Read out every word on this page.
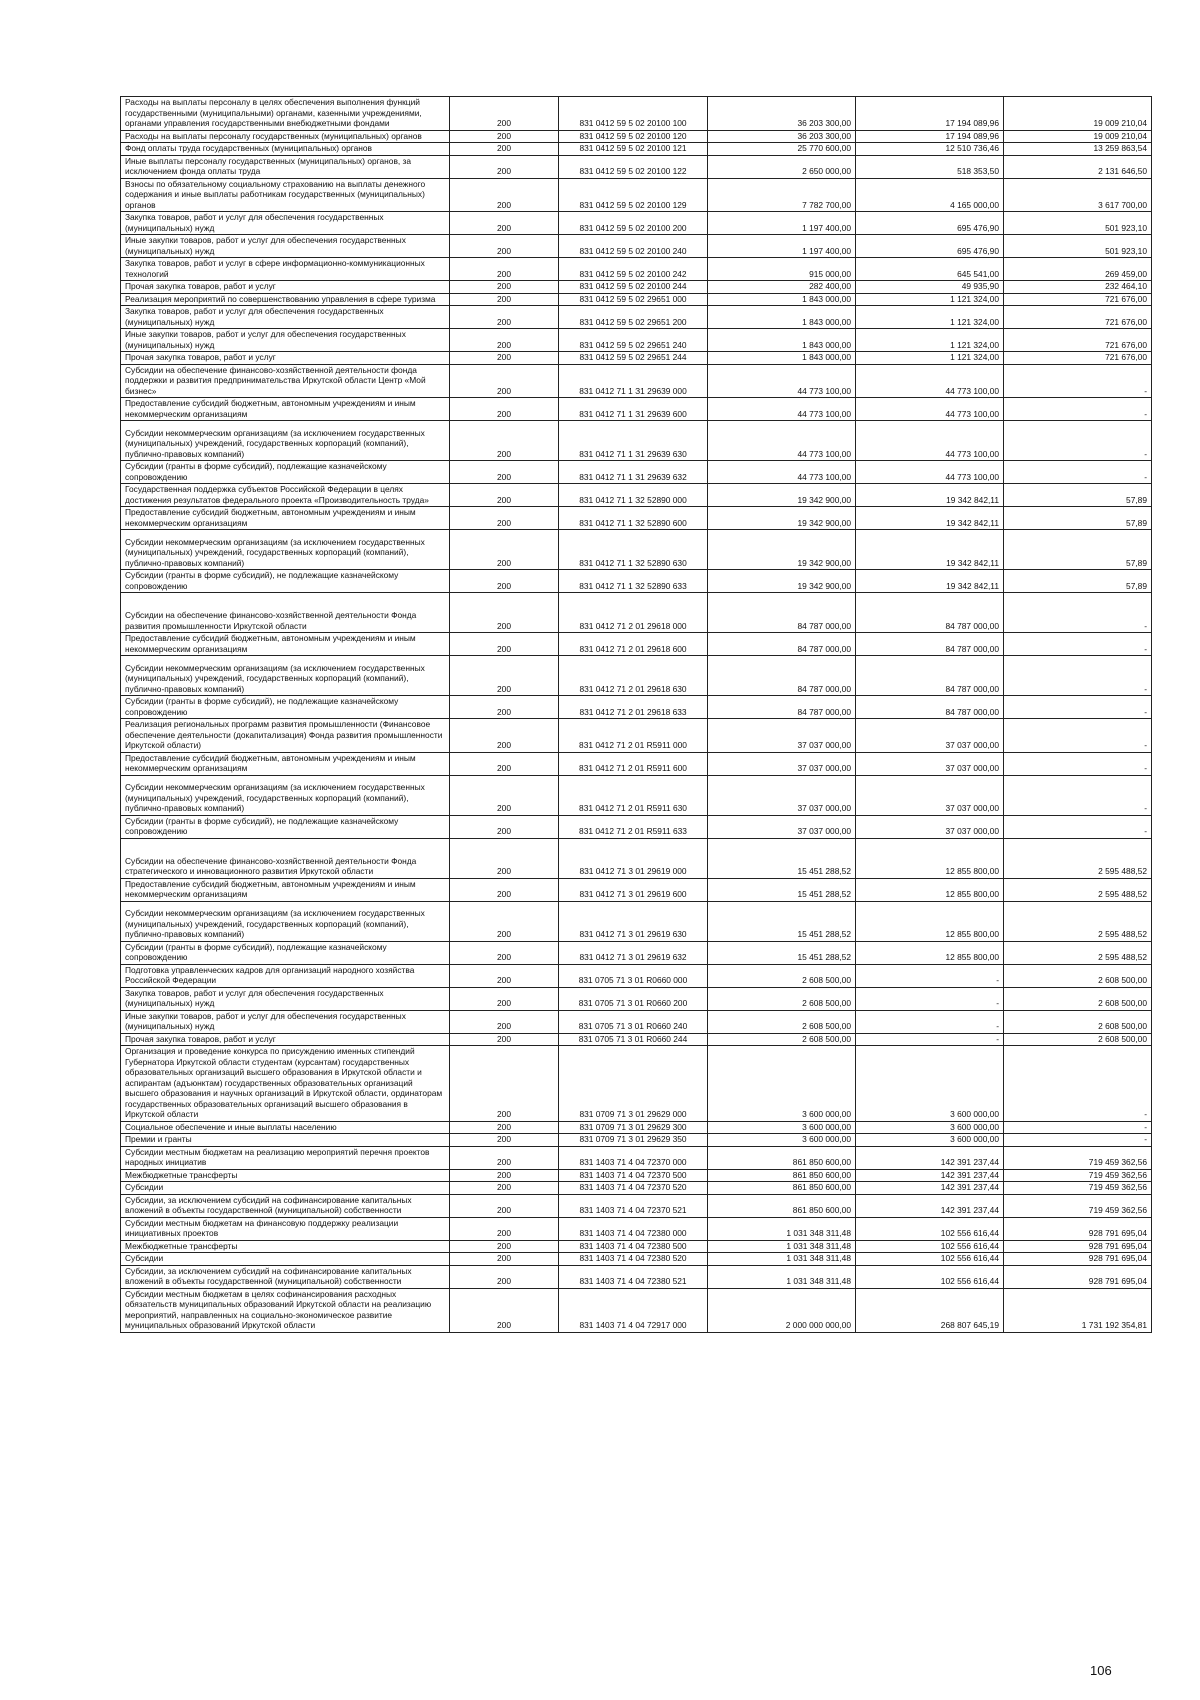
Расходы на выплаты персоналу в целях обеспечения выполнения функций государственными (муниципальными) органами, казенными учреждениями, органами управления государственными внебюджетными фондами	200	831 0412 59 5 02 20100 100	36 203 300,00	17 194 089,96	19 009 210,04
Расходы на выплаты персоналу государственных (муниципальных) органов	200	831 0412 59 5 02 20100 120	36 203 300,00	17 194 089,96	19 009 210,04
Фонд оплаты труда государственных (муниципальных) органов	200	831 0412 59 5 02 20100 121	25 770 600,00	12 510 736,46	13 259 863,54
Иные выплаты персоналу государственных (муниципальных) органов, за исключением фонда оплаты труда	200	831 0412 59 5 02 20100 122	2 650 000,00	518 353,50	2 131 646,50
Взносы по обязательному социальному страхованию на выплаты денежного содержания и иные выплаты работникам государственных (муниципальных) органов	200	831 0412 59 5 02 20100 129	7 782 700,00	4 165 000,00	3 617 700,00
Закупка товаров, работ и услуг для обеспечения государственных (муниципальных) нужд	200	831 0412 59 5 02 20100 200	1 197 400,00	695 476,90	501 923,10
Иные закупки товаров, работ и услуг для обеспечения государственных (муниципальных) нужд	200	831 0412 59 5 02 20100 240	1 197 400,00	695 476,90	501 923,10
Закупка товаров, работ и услуг в сфере информационно-коммуникационных технологий	200	831 0412 59 5 02 20100 242	915 000,00	645 541,00	269 459,00
Прочая закупка товаров, работ и услуг	200	831 0412 59 5 02 20100 244	282 400,00	49 935,90	232 464,10
Реализация мероприятий по совершенствованию управления в сфере туризма	200	831 0412 59 5 02 29651 000	1 843 000,00	1 121 324,00	721 676,00
Закупка товаров, работ и услуг для обеспечения государственных (муниципальных) нужд	200	831 0412 59 5 02 29651 200	1 843 000,00	1 121 324,00	721 676,00
Иные закупки товаров, работ и услуг для обеспечения государственных (муниципальных) нужд	200	831 0412 59 5 02 29651 240	1 843 000,00	1 121 324,00	721 676,00
Прочая закупка товаров, работ и услуг	200	831 0412 59 5 02 29651 244	1 843 000,00	1 121 324,00	721 676,00
Субсидии на обеспечение финансово-хозяйственной деятельности фонда поддержки и развития предпринимательства Иркутской области Центр «Мой бизнес»	200	831 0412 71 1 З1 29639 000	44 773 100,00	44 773 100,00	-
Предоставление субсидий бюджетным, автономным учреждениям и иным некоммерческим организациям	200	831 0412 71 1 З1 29639 600	44 773 100,00	44 773 100,00	-
Субсидии некоммерческим организациям (за исключением государственных (муниципальных) учреждений, государственных корпораций (компаний), публично-правовых компаний)	200	831 0412 71 1 З1 29639 630	44 773 100,00	44 773 100,00	-
Субсидии (гранты в форме субсидий), подлежащие казначейскому сопровождению	200	831 0412 71 1 З1 29639 632	44 773 100,00	44 773 100,00	-
Государственная поддержка субъектов Российской Федерации в целях достижения результатов федерального проекта «Производительность труда»	200	831 0412 71 1 З2 52890 000	19 342 900,00	19 342 842,11	57,89
Предоставление субсидий бюджетным, автономным учреждениям и иным некоммерческим организациям	200	831 0412 71 1 З2 52890 600	19 342 900,00	19 342 842,11	57,89
Субсидии некоммерческим организациям (за исключением государственных (муниципальных) учреждений, государственных корпораций (компаний), публично-правовых компаний)	200	831 0412 71 1 З2 52890 630	19 342 900,00	19 342 842,11	57,89
Субсидии (гранты в форме субсидий), не подлежащие казначейскому сопровождению	200	831 0412 71 1 З2 52890 633	19 342 900,00	19 342 842,11	57,89
Субсидии на обеспечение финансово-хозяйственной деятельности Фонда развития промышленности Иркутской области	200	831 0412 71 2 01 29618 000	84 787 000,00	84 787 000,00	-
Предоставление субсидий бюджетным, автономным учреждениям и иным некоммерческим организациям	200	831 0412 71 2 01 29618 600	84 787 000,00	84 787 000,00	-
Субсидии некоммерческим организациям (за исключением государственных (муниципальных) учреждений, государственных корпораций (компаний), публично-правовых компаний)	200	831 0412 71 2 01 29618 630	84 787 000,00	84 787 000,00	-
Субсидии (гранты в форме субсидий), не подлежащие казначейскому сопровождению	200	831 0412 71 2 01 29618 633	84 787 000,00	84 787 000,00	-
Реализация региональных программ развития промышленности (Финансовое обеспечение деятельности (докапитализация) Фонда развития промышленности Иркутской области)	200	831 0412 71 2 01 R5911 000	37 037 000,00	37 037 000,00	-
Предоставление субсидий бюджетным, автономным учреждениям и иным некоммерческим организациям	200	831 0412 71 2 01 R5911 600	37 037 000,00	37 037 000,00	-
Субсидии некоммерческим организациям (за исключением государственных (муниципальных) учреждений, государственных корпораций (компаний), публично-правовых компаний)	200	831 0412 71 2 01 R5911 630	37 037 000,00	37 037 000,00	-
Субсидии (гранты в форме субсидий), не подлежащие казначейскому сопровождению	200	831 0412 71 2 01 R5911 633	37 037 000,00	37 037 000,00	-
Субсидии на обеспечение финансово-хозяйственной деятельности Фонда стратегического и инновационного развития Иркутской области	200	831 0412 71 3 01 29619 000	15 451 288,52	12 855 800,00	2 595 488,52
Предоставление субсидий бюджетным, автономным учреждениям и иным некоммерческим организациям	200	831 0412 71 3 01 29619 600	15 451 288,52	12 855 800,00	2 595 488,52
Субсидии некоммерческим организациям (за исключением государственных (муниципальных) учреждений, государственных корпораций (компаний), публично-правовых компаний)	200	831 0412 71 3 01 29619 630	15 451 288,52	12 855 800,00	2 595 488,52
Субсидии (гранты в форме субсидий), подлежащие казначейскому сопровождению	200	831 0412 71 3 01 29619 632	15 451 288,52	12 855 800,00	2 595 488,52
Подготовка управленческих кадров для организаций народного хозяйства Российской Федерации	200	831 0705 71 3 01 R0660 000	2 608 500,00	-	2 608 500,00
Закупка товаров, работ и услуг для обеспечения государственных (муниципальных) нужд	200	831 0705 71 3 01 R0660 200	2 608 500,00	-	2 608 500,00
Иные закупки товаров, работ и услуг для обеспечения государственных (муниципальных) нужд	200	831 0705 71 3 01 R0660 240	2 608 500,00	-	2 608 500,00
Прочая закупка товаров, работ и услуг	200	831 0705 71 3 01 R0660 244	2 608 500,00	-	2 608 500,00
Организация и проведение конкурса по присуждению именных стипендий Губернатора Иркутской области студентам (курсантам) государственных образовательных организаций высшего образования в Иркутской области и аспирантам (адъюнктам) государственных образовательных организаций высшего образования и научных организаций в Иркутской области, ординаторам государственных образовательных организаций высшего образования в Иркутской области	200	831 0709 71 3 01 29629 000	3 600 000,00	3 600 000,00	-
Социальное обеспечение и иные выплаты населению	200	831 0709 71 3 01 29629 300	3 600 000,00	3 600 000,00	-
Премии и гранты	200	831 0709 71 3 01 29629 350	3 600 000,00	3 600 000,00	-
Субсидии местным бюджетам на реализацию мероприятий перечня проектов народных инициатив	200	831 1403 71 4 04 72370 000	861 850 600,00	142 391 237,44	719 459 362,56
Межбюджетные трансферты	200	831 1403 71 4 04 72370 500	861 850 600,00	142 391 237,44	719 459 362,56
Субсидии	200	831 1403 71 4 04 72370 520	861 850 600,00	142 391 237,44	719 459 362,56
Субсидии, за исключением субсидий на софинансирование капитальных вложений в объекты государственной (муниципальной) собственности	200	831 1403 71 4 04 72370 521	861 850 600,00	142 391 237,44	719 459 362,56
Субсидии местным бюджетам на финансовую поддержку реализации инициативных проектов	200	831 1403 71 4 04 72380 000	1 031 348 311,48	102 556 616,44	928 791 695,04
Межбюджетные трансферты	200	831 1403 71 4 04 72380 500	1 031 348 311,48	102 556 616,44	928 791 695,04
Субсидии	200	831 1403 71 4 04 72380 520	1 031 348 311,48	102 556 616,44	928 791 695,04
Субсидии, за исключением субсидий на софинансирование капитальных вложений в объекты государственной (муниципальной) собственности	200	831 1403 71 4 04 72380 521	1 031 348 311,48	102 556 616,44	928 791 695,04
Субсидии местным бюджетам в целях софинансирования расходных обязательств муниципальных образований Иркутской области на реализацию мероприятий, направленных на социально-экономическое развитие муниципальных образований Иркутской области	200	831 1403 71 4 04 72917 000	2 000 000 000,00	268 807 645,19	1 731 192 354,81
106
